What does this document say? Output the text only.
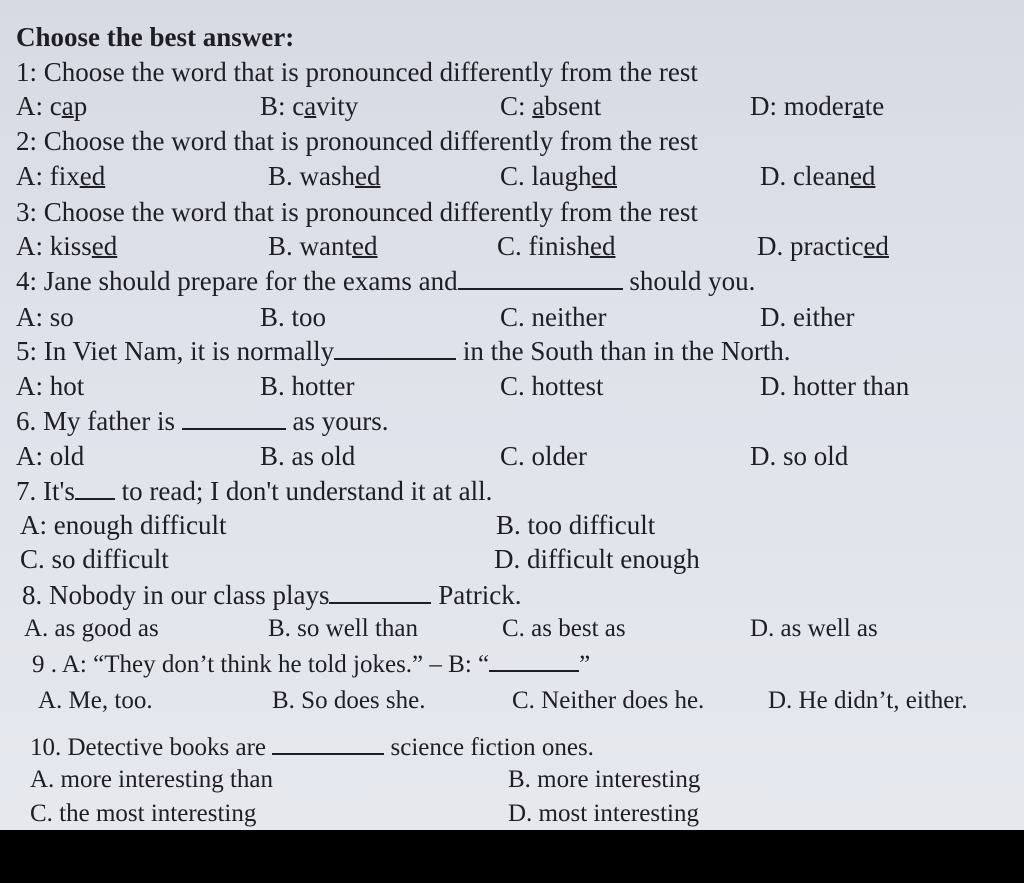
Choose the best answer:
1: Choose the word that is pronounced differently from the rest
A: cap	B: cavity	C: absent	D: moderate
2: Choose the word that is pronounced differently from the rest
A: fixed	B. washed	C. laughed	D. cleaned
3: Choose the word that is pronounced differently from the rest
A: kissed	B. wanted	C. finished	D. practiced
4: Jane should prepare for the exams and	should you.
A: so	B. too	C. neither	D. either
5: In Viet Nam, it is normally	in the South than in the North.
A: hot	B. hotter	C. hottest	D. hotter than
6. My father is	as yours.
A: old	B. as old	C. older	D. so old
7. It's to read; I don't understand it at all.
A: enough difficult	B. too difficult
C. so difficult	D. difficult enough
8. Nobody in our class plays	Patrick.
A. as good as	B. so well than	C. as best as	D. as well as
9 . A: “They don’t think he told jokes.” – B: “	”
A. Me, too.	B. So does she.	C. Neither does he.	D. He didn’t, either.
10. Detective books are	science fiction ones.
A. more interesting than	B. more interesting
C. the most interesting	D. most interesting
